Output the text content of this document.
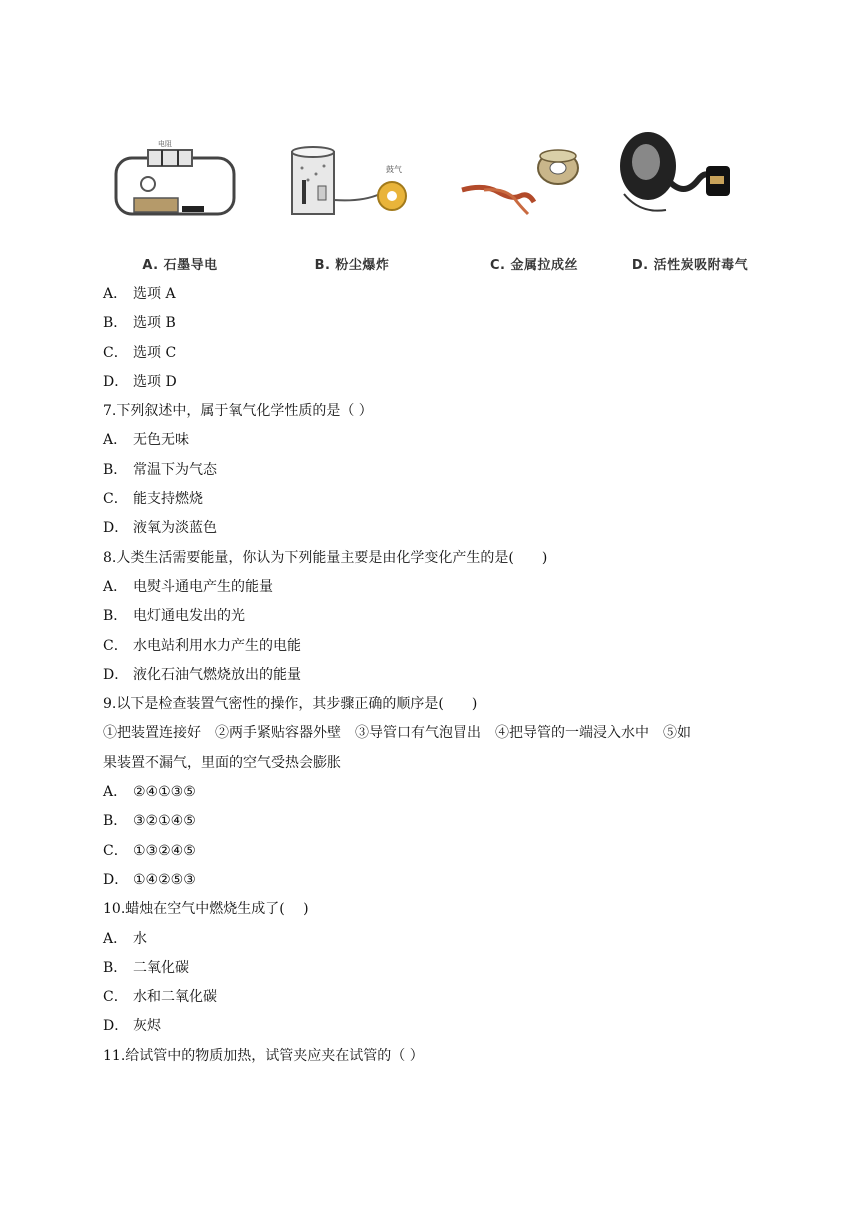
电阻
A. 石墨导电
鼓气
B. 粉尘爆炸	C. 金属拉成丝	D. 活性炭吸附毒气
A． 选项 A
B． 选项 B
C． 选项 C
D． 选项 D
7.下列叙述中，属于氧气化学性质的是（ ）
A． 无色无味
B． 常温下为气态
C． 能支持燃烧
D． 液氧为淡蓝色
8.人类生活需要能量，你认为下列能量主要是由化学变化产生的是(　　)
A． 电熨斗通电产生的能量
B． 电灯通电发出的光
C． 水电站利用水力产生的电能
D． 液化石油气燃烧放出的能量
9.以下是检查装置气密性的操作，其步骤正确的顺序是(　　)
①把装置连接好　②两手紧贴容器外壁　③导管口有气泡冒出　④把导管的一端浸入水中　⑤如
果装置不漏气，里面的空气受热会膨胀
A． ②④①③⑤
B． ③②①④⑤
C． ①③②④⑤
D． ①④②⑤③
10.蜡烛在空气中燃烧生成了(　 )
A． 水
B． 二氧化碳
C． 水和二氧化碳
D． 灰烬
11.给试管中的物质加热，试管夹应夹在试管的（ ）
